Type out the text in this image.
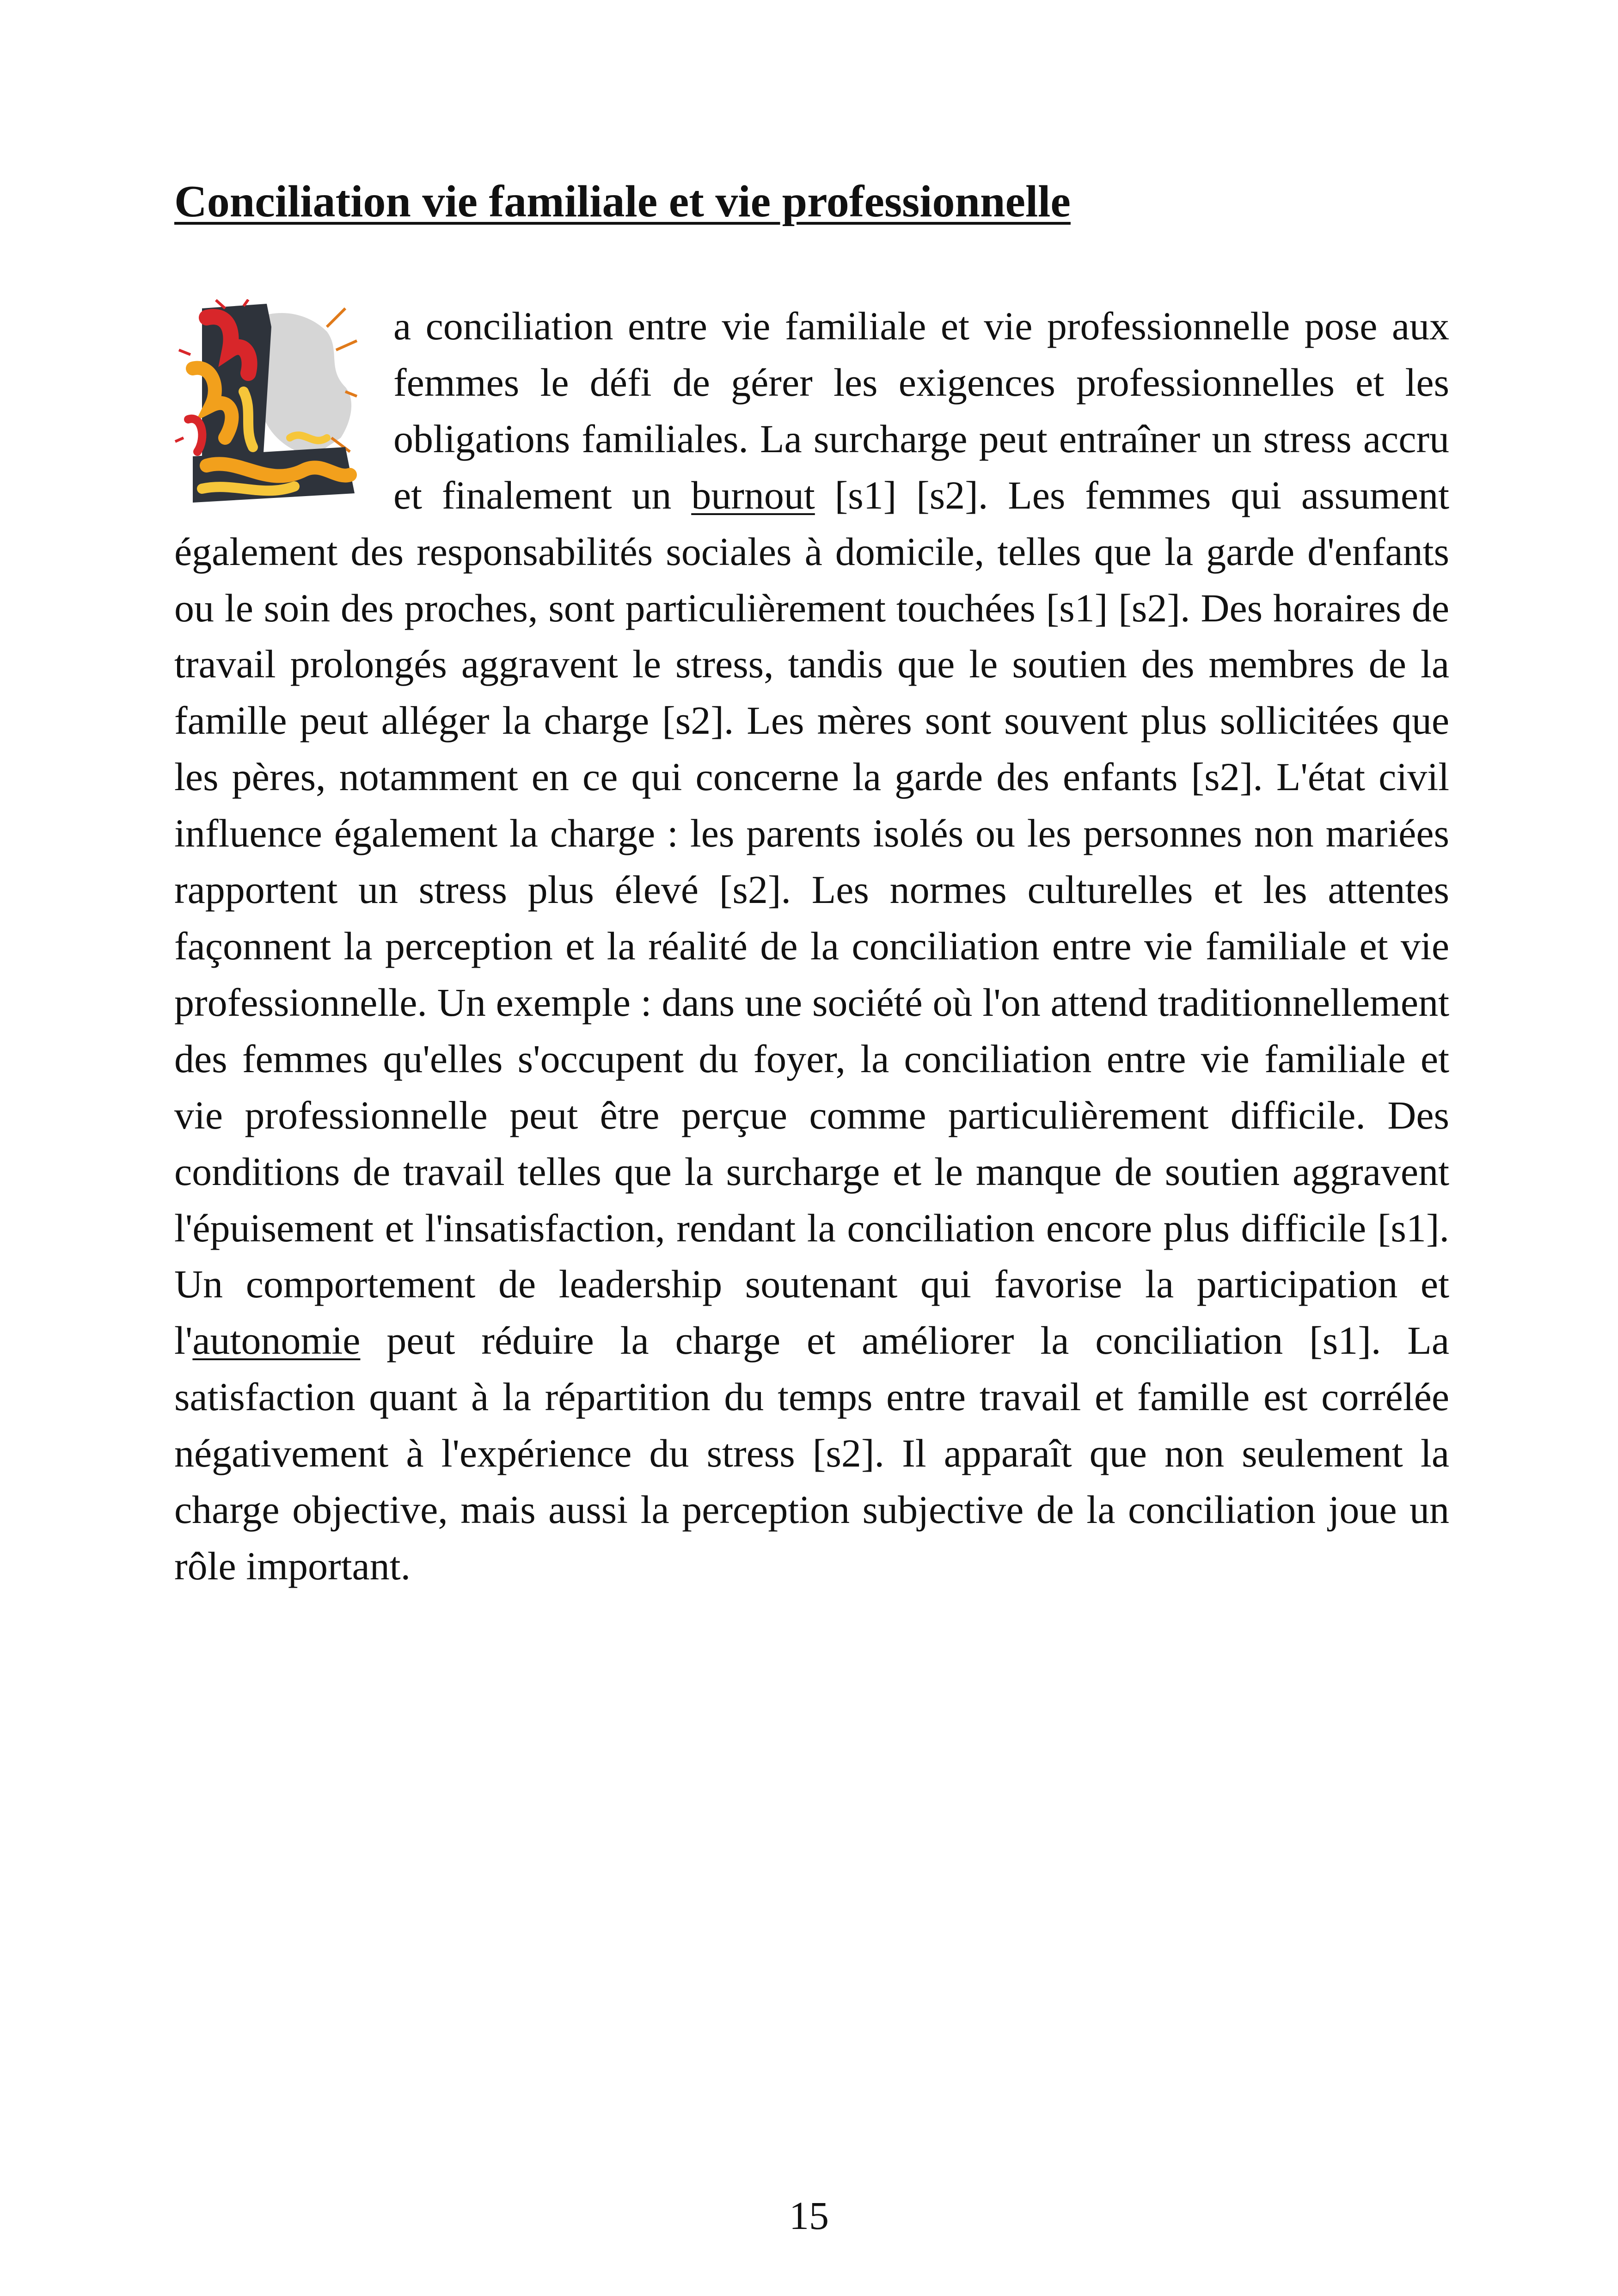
Conciliation vie familiale et vie professionnelle

a conciliation entre vie familiale et vie professionnelle pose aux femmes le défi de gérer les exigences professionnelles et les obligations familiales. La surcharge peut entraîner un stress accru et finalement un burnout [s1] [s2]. Les femmes qui assument également des responsabilités sociales à domicile, telles que la garde d'enfants ou le soin des proches, sont particulièrement touchées [s1] [s2]. Des horaires de travail prolongés aggravent le stress, tandis que le soutien des membres de la famille peut alléger la charge [s2]. Les mères sont souvent plus sollicitées que les pères, notamment en ce qui concerne la garde des enfants [s2]. L'état civil influence également la charge : les parents isolés ou les personnes non mariées rapportent un stress plus élevé [s2]. Les normes culturelles et les attentes façonnent la perception et la réalité de la conciliation entre vie familiale et vie professionnelle. Un exemple : dans une société où l'on attend traditionnellement des femmes qu'elles s'occupent du foyer, la conciliation entre vie familiale et vie professionnelle peut être perçue comme particulièrement difficile. Des conditions de travail telles que la surcharge et le manque de soutien aggravent l'épuisement et l'insatisfaction, rendant la conciliation encore plus difficile [s1]. Un comportement de leadership soutenant qui favorise la participation et l'autonomie peut réduire la charge et améliorer la conciliation [s1]. La satisfaction quant à la répartition du temps entre travail et famille est corrélée négativement à l'expérience du stress [s2]. Il apparaît que non seulement la charge objective, mais aussi la perception subjective de la conciliation joue un rôle important.

15
